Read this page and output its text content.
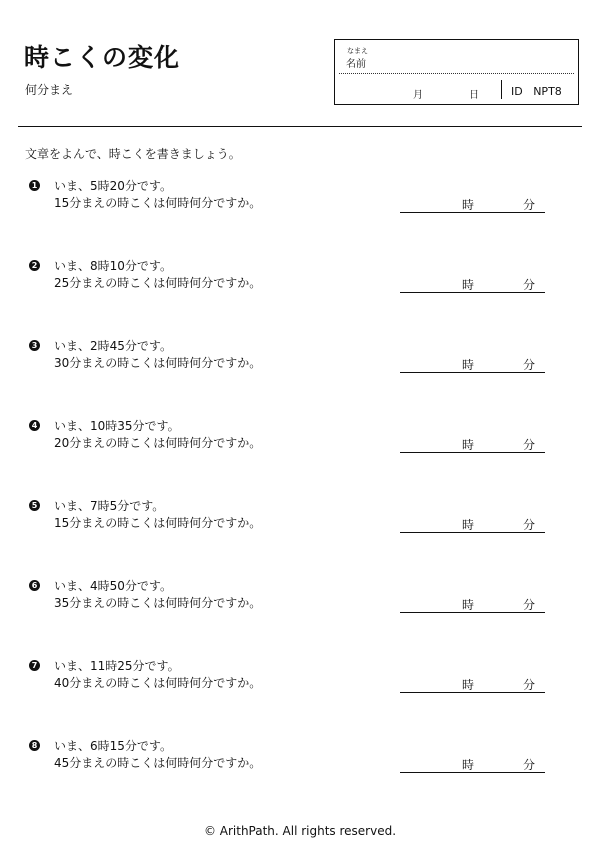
時こくの変化
何分まえ
なまえ
名前
月	日	ID   NPT8
文章をよんで、時こくを書きましょう。
1 いま、5時20分です。
15分まえの時こくは何時何分ですか。	時	分
2 いま、8時10分です。
25分まえの時こくは何時何分ですか。	時	分
3 いま、2時45分です。
30分まえの時こくは何時何分ですか。	時	分
4 いま、10時35分です。
20分まえの時こくは何時何分ですか。	時	分
5 いま、7時5分です。
15分まえの時こくは何時何分ですか。	時	分
6 いま、4時50分です。
35分まえの時こくは何時何分ですか。	時	分
7 いま、11時25分です。
40分まえの時こくは何時何分ですか。	時	分
8 いま、6時15分です。
45分まえの時こくは何時何分ですか。	時	分
© ArithPath. All rights reserved.
